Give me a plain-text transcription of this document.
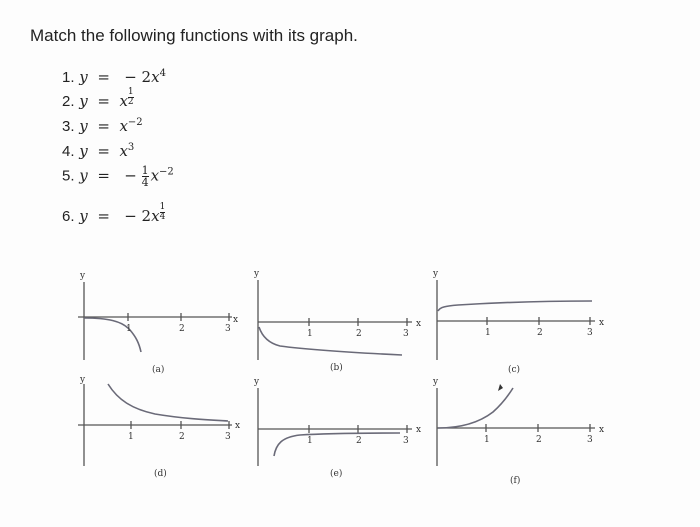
Match the following functions with its graph.
1. y = − $2x^4$
2. y = x $\frac{1}{2}$
3. $y = x^{-2}$
4. $y = x^3$
5. y = − $\frac{1}{4} x^{-2}$
6. y = − $2x \frac{1}{4}$
y
1	2	3
x
(a)
y
1	2	3
x
(b)
y
1	2	3
x
(c)
y
1	2	3
x
(d)
y
1	2	3
x
(e)
y
1	2	3
x
(f)
